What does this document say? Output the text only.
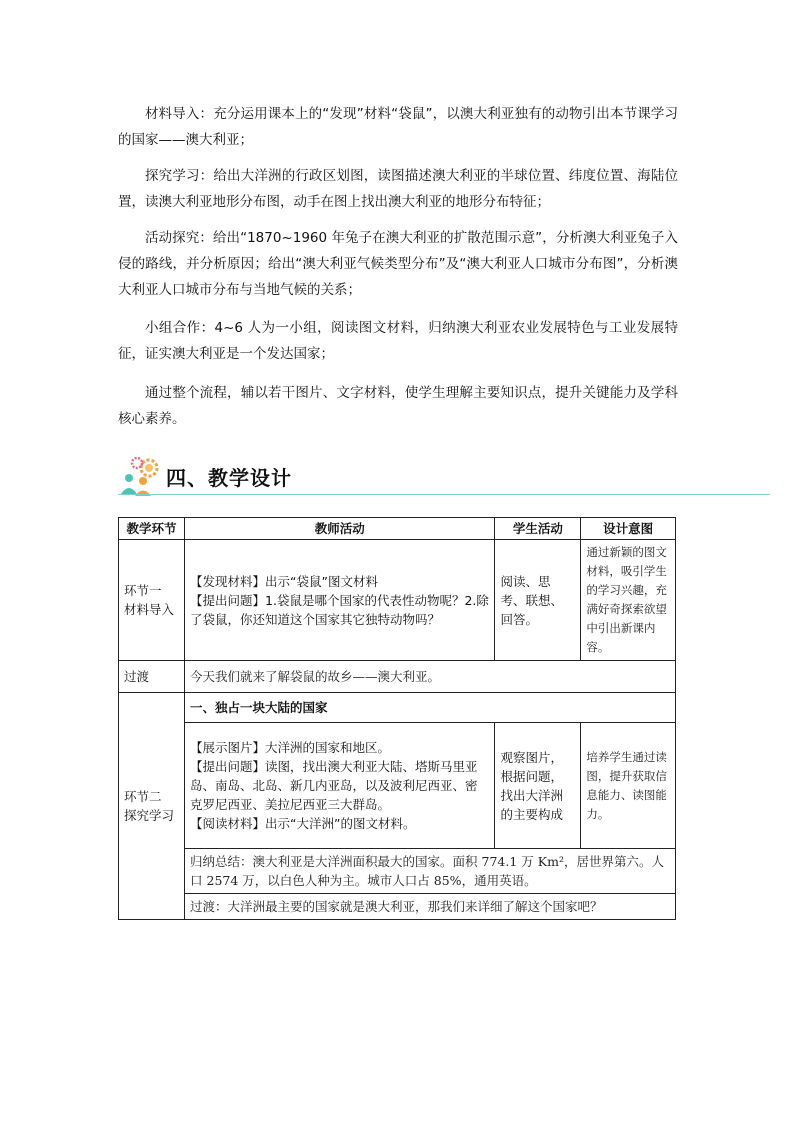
材料导入：充分运用课本上的“发现”材料“袋鼠”，以澳大利亚独有的动物引出本节课学习的国家——澳大利亚；

探究学习：给出大洋洲的行政区划图，读图描述澳大利亚的半球位置、纬度位置、海陆位置，读澳大利亚地形分布图，动手在图上找出澳大利亚的地形分布特征；

活动探究：给出“1870~1960 年兔子在澳大利亚的扩散范围示意”，分析澳大利亚兔子入侵的路线，并分析原因；给出“澳大利亚气候类型分布”及“澳大利亚人口城市分布图”，分析澳大利亚人口城市分布与当地气候的关系；

小组合作：4~6 人为一小组，阅读图文材料，归纳澳大利亚农业发展特色与工业发展特征，证实澳大利亚是一个发达国家；

通过整个流程，辅以若干图片、文字材料，使学生理解主要知识点，提升关键能力及学科核心素养。

四、教学设计
教学环节	教师活动	学生活动	设计意图
环节一
材料导入	【发现材料】出示“袋鼠”图文材料
【提出问题】1.袋鼠是哪个国家的代表性动物呢？2.除了袋鼠，你还知道这个国家其它独特动物吗？	阅读、思考、联想、回答。	通过新颖的图文材料，吸引学生的学习兴趣，充满好奇探索欲望中引出新课内容。
过渡	今天我们就来了解袋鼠的故乡——澳大利亚。		
环节二
探究学习	一、独占一块大陆的国家		
	【展示图片】大洋洲的国家和地区。
【提出问题】读图，找出澳大利亚大陆、塔斯马里亚岛、南岛、北岛、新几内亚岛，以及波利尼西亚、密克罗尼西亚、美拉尼西亚三大群岛。
【阅读材料】出示“大洋洲”的图文材料。	观察图片，根据问题，找出大洋洲的主要构成	培养学生通过读图，提升获取信息能力、读图能力。
	归纳总结：澳大利亚是大洋洲面积最大的国家。面积 774.1 万 Km²，居世界第六。人口 2574 万，以白色人种为主。城市人口占 85%，通用英语。		
	过渡：大洋洲最主要的国家就是澳大利亚，那我们来详细了解这个国家吧？		
